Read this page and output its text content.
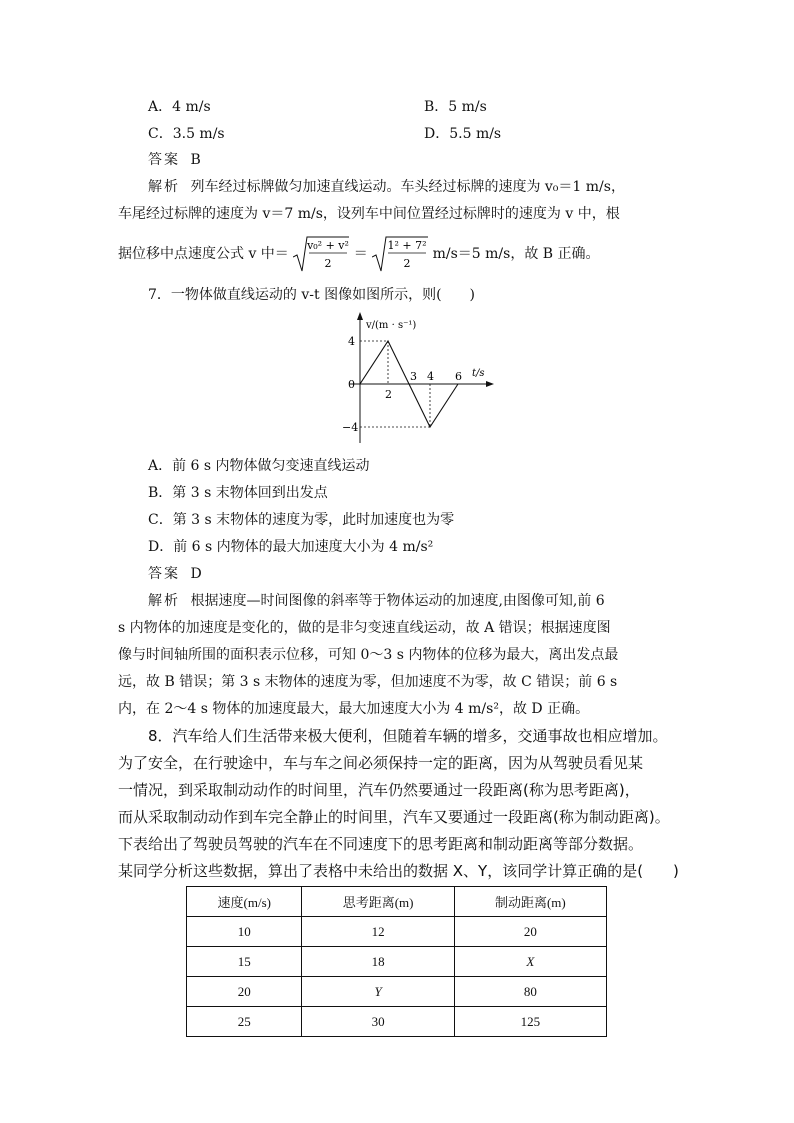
A．4 m/s	B．5 m/s
C．3.5 m/s	D．5.5 m/s
答案 B
解析 列车经过标牌做匀加速直线运动。车头经过标牌的速度为 v₀＝1 m/s，
车尾经过标牌的速度为 v＝7 m/s，设列车中间位置经过标牌时的速度为 v 中，根
据位移中点速度公式 v 中＝
v₀² + v²
2
＝
1² + 7²
2
m/s＝5 m/s，故 B 正确。
7．一物体做直线运动的 v-t 图像如图所示，则(　　)
v/(m · s⁻¹)
t/s
4
0
−4
2
3 4 6
A．前 6 s 内物体做匀变速直线运动
B．第 3 s 末物体回到出发点
C．第 3 s 末物体的速度为零，此时加速度也为零
D．前 6 s 内物体的最大加速度大小为 4 m/s²
答案 D
解析 根据速度—时间图像的斜率等于物体运动的加速度,由图像可知,前 6
s 内物体的加速度是变化的，做的是非匀变速直线运动，故 A 错误；根据速度图
像与时间轴所围的面积表示位移，可知 0～3 s 内物体的位移为最大，离出发点最
远，故 B 错误；第 3 s 末物体的速度为零，但加速度不为零，故 C 错误；前 6 s
内，在 2～4 s 物体的加速度最大，最大加速度大小为 4 m/s²，故 D 正确。
8．汽车给人们生活带来极大便利，但随着车辆的增多，交通事故也相应增加。
为了安全，在行驶途中，车与车之间必须保持一定的距离，因为从驾驶员看见某
一情况，到采取制动动作的时间里，汽车仍然要通过一段距离(称为思考距离)，
而从采取制动动作到车完全静止的时间里，汽车又要通过一段距离(称为制动距离)。
下表给出了驾驶员驾驶的汽车在不同速度下的思考距离和制动距离等部分数据。
某同学分析这些数据，算出了表格中未给出的数据 X、Y，该同学计算正确的是(　　)
速度(m/s)	思考距离(m)	制动距离(m)
10	12	20
15	18	X
20	Y	80
25	30	125
